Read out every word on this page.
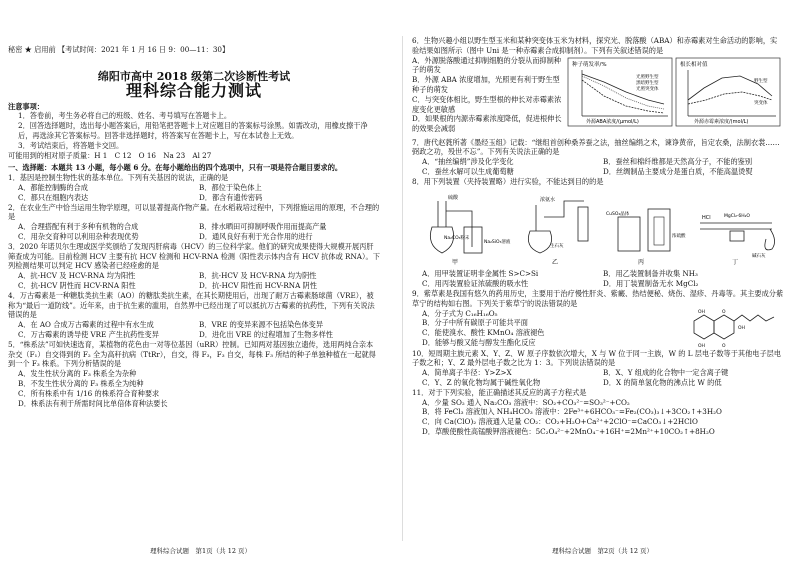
秘密 ★ 启用前 【考试时间：2021 年 1 月 16 日 9：00—11：30】
绵阳市高中 2018 级第二次诊断性考试
理科综合能力测试

注意事项：

1．答卷前，考生务必将自己的班级、姓名、考号填写在答题卡上。

2．回答选择题时，选出每小题答案后，用铅笔把答题卡上对应题目的答案标号涂黑。如需改动，用橡皮擦干净后，再选涂其它答案标号。回答非选择题时，将答案写在答题卡上，写在本试卷上无效。

3．考试结束后，将答题卡交回。

可能用到的相对原子质量：H 1　C 12　O 16　Na 23　Al 27

一、选择题：本题共 13 小题，每小题 6 分。在每小题给出的四个选项中，只有一项是符合题目要求的。

1．基因是控制生物性状的基本单位。下列有关基因的说法，正确的是

A．都能控制酶的合成	B．都位于染色体上
C．都只在细胞内表达	D．都含有遗传密码

2．在农业生产中恰当运用生物学原理，可以显著提高作物产量。在水稻栽培过程中，下列措施运用的原理，不合理的是

A．合理搭配有利于多种有机物的合成	B．排水晒田可抑制呼吸作用而提高产量
C．用杂交育种可以利用杂种表现优势	D．通风良好有利于光合作用的进行

3．2020 年诺贝尔生理或医学奖颁给了发现丙肝病毒（HCV）的三位科学家。他们的研究成果使得大规模开展丙肝筛查成为可能。目前检测 HCV 主要有抗 HCV 检测和 HCV-RNA 检测（阳性表示体内含有 HCV 抗体或 RNA）。下列检测结果可以判定 HCV 感染者已经痊愈的是

A．抗-HCV 及 HCV-RNA 均为阳性	B．抗-HCV 及 HCV-RNA 均为阴性
C．抗-HCV 阴性而 HCV-RNA 阳性	D．抗-HCV 阳性而 HCV-RNA 阴性

4．万古霉素是一种糖肽类抗生素（AO）的糖肽类抗生素，在其长期使用后，出现了耐万古霉素肠球菌（VRE），被称为“最后一道防线”。近年来，由于抗生素的滥用，自然界中已经出现了可以抵抗万古霉素的抗药性，下列有关说法错误的是

A．在 AO 合成万古霉素的过程中有水生成	B．VRE 的变异来源不包括染色体变异
C．万古霉素的诱导使 VRE 产生抗药性变异	D．进化出 VRE 的过程增加了生物多样性

5．“株系法”可如快速选育，某植物的花色由一对等位基因（uRR）控制。已知两对基因独立遗传，选用两纯合亲本杂交（F₁）自交得到的 F₂ 全为高秆抗病（TtRr），自交，得 F₃，F₃ 自交，每株 F₃ 所结的种子单独种植在一起就得到一个 F₃ 株系。下列分析错误的是

A．发生性状分离的 F₃ 株系全为杂种

B．不发生性状分离的 F₃ 株系全为纯种

C．所有株系中有 1/16 的株系符合育种要求

D．株系法有利于所需时间比单倍体育种法要长

6．生物兴趣小组以野生型玉米和某种突变体玉米为材料，探究光、脱落酸（ABA）和赤霉素对生命活动的影响，实验结果如图所示（图中 Uni 是一种赤霉素合成抑制剂）。下列有关叙述错误的是

A．外源脱落酸通过抑制细胞的分裂从而抑制种子的萌发

B．外源 ABA 浓度增加，光照更有利于野生型种子的萌发

C．与突变体相比，野生型根的伸长对赤霉素浓度变化更敏感

D．如果根的内源赤霉素浓度降低，促进根伸长的效果会减弱

种子萌发率/%
光照野生型
黑暗野生型
光照突变体
外源ABA浓度/(μmol/L)
根长相对值
野生型
突变体
外源赤霉素浓度/(mol/L)

7．唐代赵蕤所著《墨经玉组》记载：“继组首创种桑养蚕之法，抽丝编绢之术，谏诤黄帝，旨定农桑，法制衣裳……弼政之功，殁世不忘”。下列有关说法正确的是

A．“抽丝编绢”涉及化学变化	B．蚕丝和棉纤维都是天然高分子，不能的鉴别
C．蚕丝水解可以生成葡萄糖	D．丝绸制品主要成分是蛋白质，不能高温烫熨

8．用下列装置（夹持装置略）进行实验，不能达到目的的是

硫酸
Na₂CO₃粉末
Na₂SiO₃溶液
甲
浓氨水
生石灰
乙
CuSO₄晶体
浓硫酸
丙
HCl	MgCl₂·6H₂O
碱石灰
丁
A．用甲装置证明非金属性 S>C>Si	B．用乙装置制备并收集 NH₃
C．用丙装置验证浓硫酸的吸水性	D．用丁装置制备无水 MgCl₂

9．紫草素是我国有悠久的药用历史，主要用于治疗慢性肝炎、紫癜、热结便秘、烧伤、湿疹、丹毒等。其主要成分紫草宁的结构如右图。下列关于紫草宁的说法错误的是

A．分子式为 C₁₆H₁₆O₅

B．分子中所有碳原子可能共平面

C．能使溴水、酸性 KMnO₄ 溶液褪色

D．能够与酸又能与醇发生酯化反应

OH
OH
O
O
OH

10．短周期主族元素 X、Y、Z、W 原子序数依次增大，X 与 W 位于同一主族，W 的 L 层电子数等于其他电子层电子数之和；Y、Z 最外层电子数之比为 1：3。下列说法错误的是

A．简单离子半径：Y>Z>X	B．X、Y 组成的化合物中一定含离子键
C．Y、Z 的氧化物均属于碱性氧化物	D．X 的简单氢化物的沸点比 W 的低

11．对于下列实验，能正确描述其反应的离子方程式是

A．少量 SO₂ 通入 Na₂CO₃ 溶液中：SO₂+CO₃²⁻=SO₃²⁻+CO₂

B．将 FeCl₃ 溶液加入 NH₄HCO₃ 溶液中：2Fe³⁺+6HCO₃⁻=Fe₂(CO₃)₃↓+3CO₂↑+3H₂O

C．向 Ca(ClO)₂ 溶液通入足量 CO₂：CO₂+H₂O+Ca²⁺+2ClO⁻=CaCO₃↓+2HClO

D．草酸使酸性高锰酸钾溶液褪色：5C₂O₄²⁻+2MnO₄⁻+16H⁺=2Mn²⁺+10CO₂↑+8H₂O

理科综合试题　第1页（共 12 页）	理科综合试题　第2页（共 12 页）
